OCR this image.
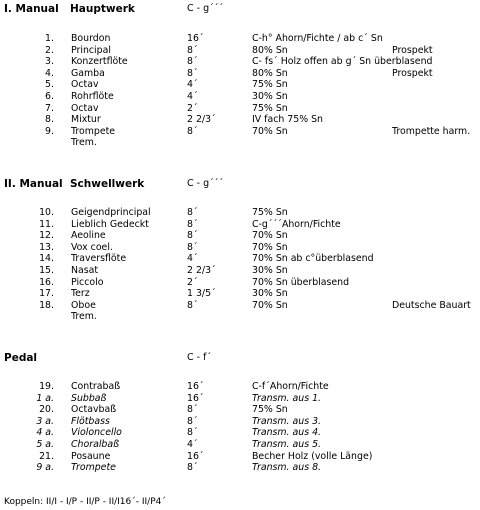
I. Manual Hauptwerk	C - g´´´
1. Bourdon	16´	C-h° Ahorn/Fichte / ab c´ Sn
2. Principal	8´	80% Sn	Prospekt
3. Konzertflöte	8´	C- fs´ Holz offen ab g´ Sn überblasend
4. Gamba	8´	80% Sn	Prospekt
5. Octav	4´	75% Sn
6. Rohrflöte	4´	30% Sn
7. Octav	2´	75% Sn
8. Mixtur	2 2/3´	IV fach 75% Sn
9. Trompete	8´	70% Sn	Trompette harm.
Trem.
II. Manual Schwellwerk	C - g´´´
10. Geigendprincipal	8´	75% Sn
11. Lieblich Gedeckt	8´	C-g´´´Ahorn/Fichte
12. Aeoline	8´	70% Sn
13. Vox coel.	8´	70% Sn
14. Traversflöte	4´	70% Sn ab c°überblasend
15. Nasat	2 2/3´	30% Sn
16. Piccolo	2´	70% Sn überblasend
17. Terz	1 3/5´	30% Sn
18. Oboe	8´	70% Sn	Deutsche Bauart
Trem.
Pedal	C - f´
19. Contrabaß	16´	C-f´Ahorn/Fichte
1 a. Subbaß	16´	Transm. aus 1.
20. Octavbaß	8´	75% Sn
3 a. Flötbass	8´	Transm. aus 3.
4 a. Violoncello	8´	Transm. aus 4.
5 a. Choralbaß	4´	Transm. aus 5.
21. Posaune	16´	Becher Holz (volle Länge)
9 a. Trompete	8´	Transm. aus 8.
Koppeln: II/I - I/P - II/P - II/I16´- II/P4´
